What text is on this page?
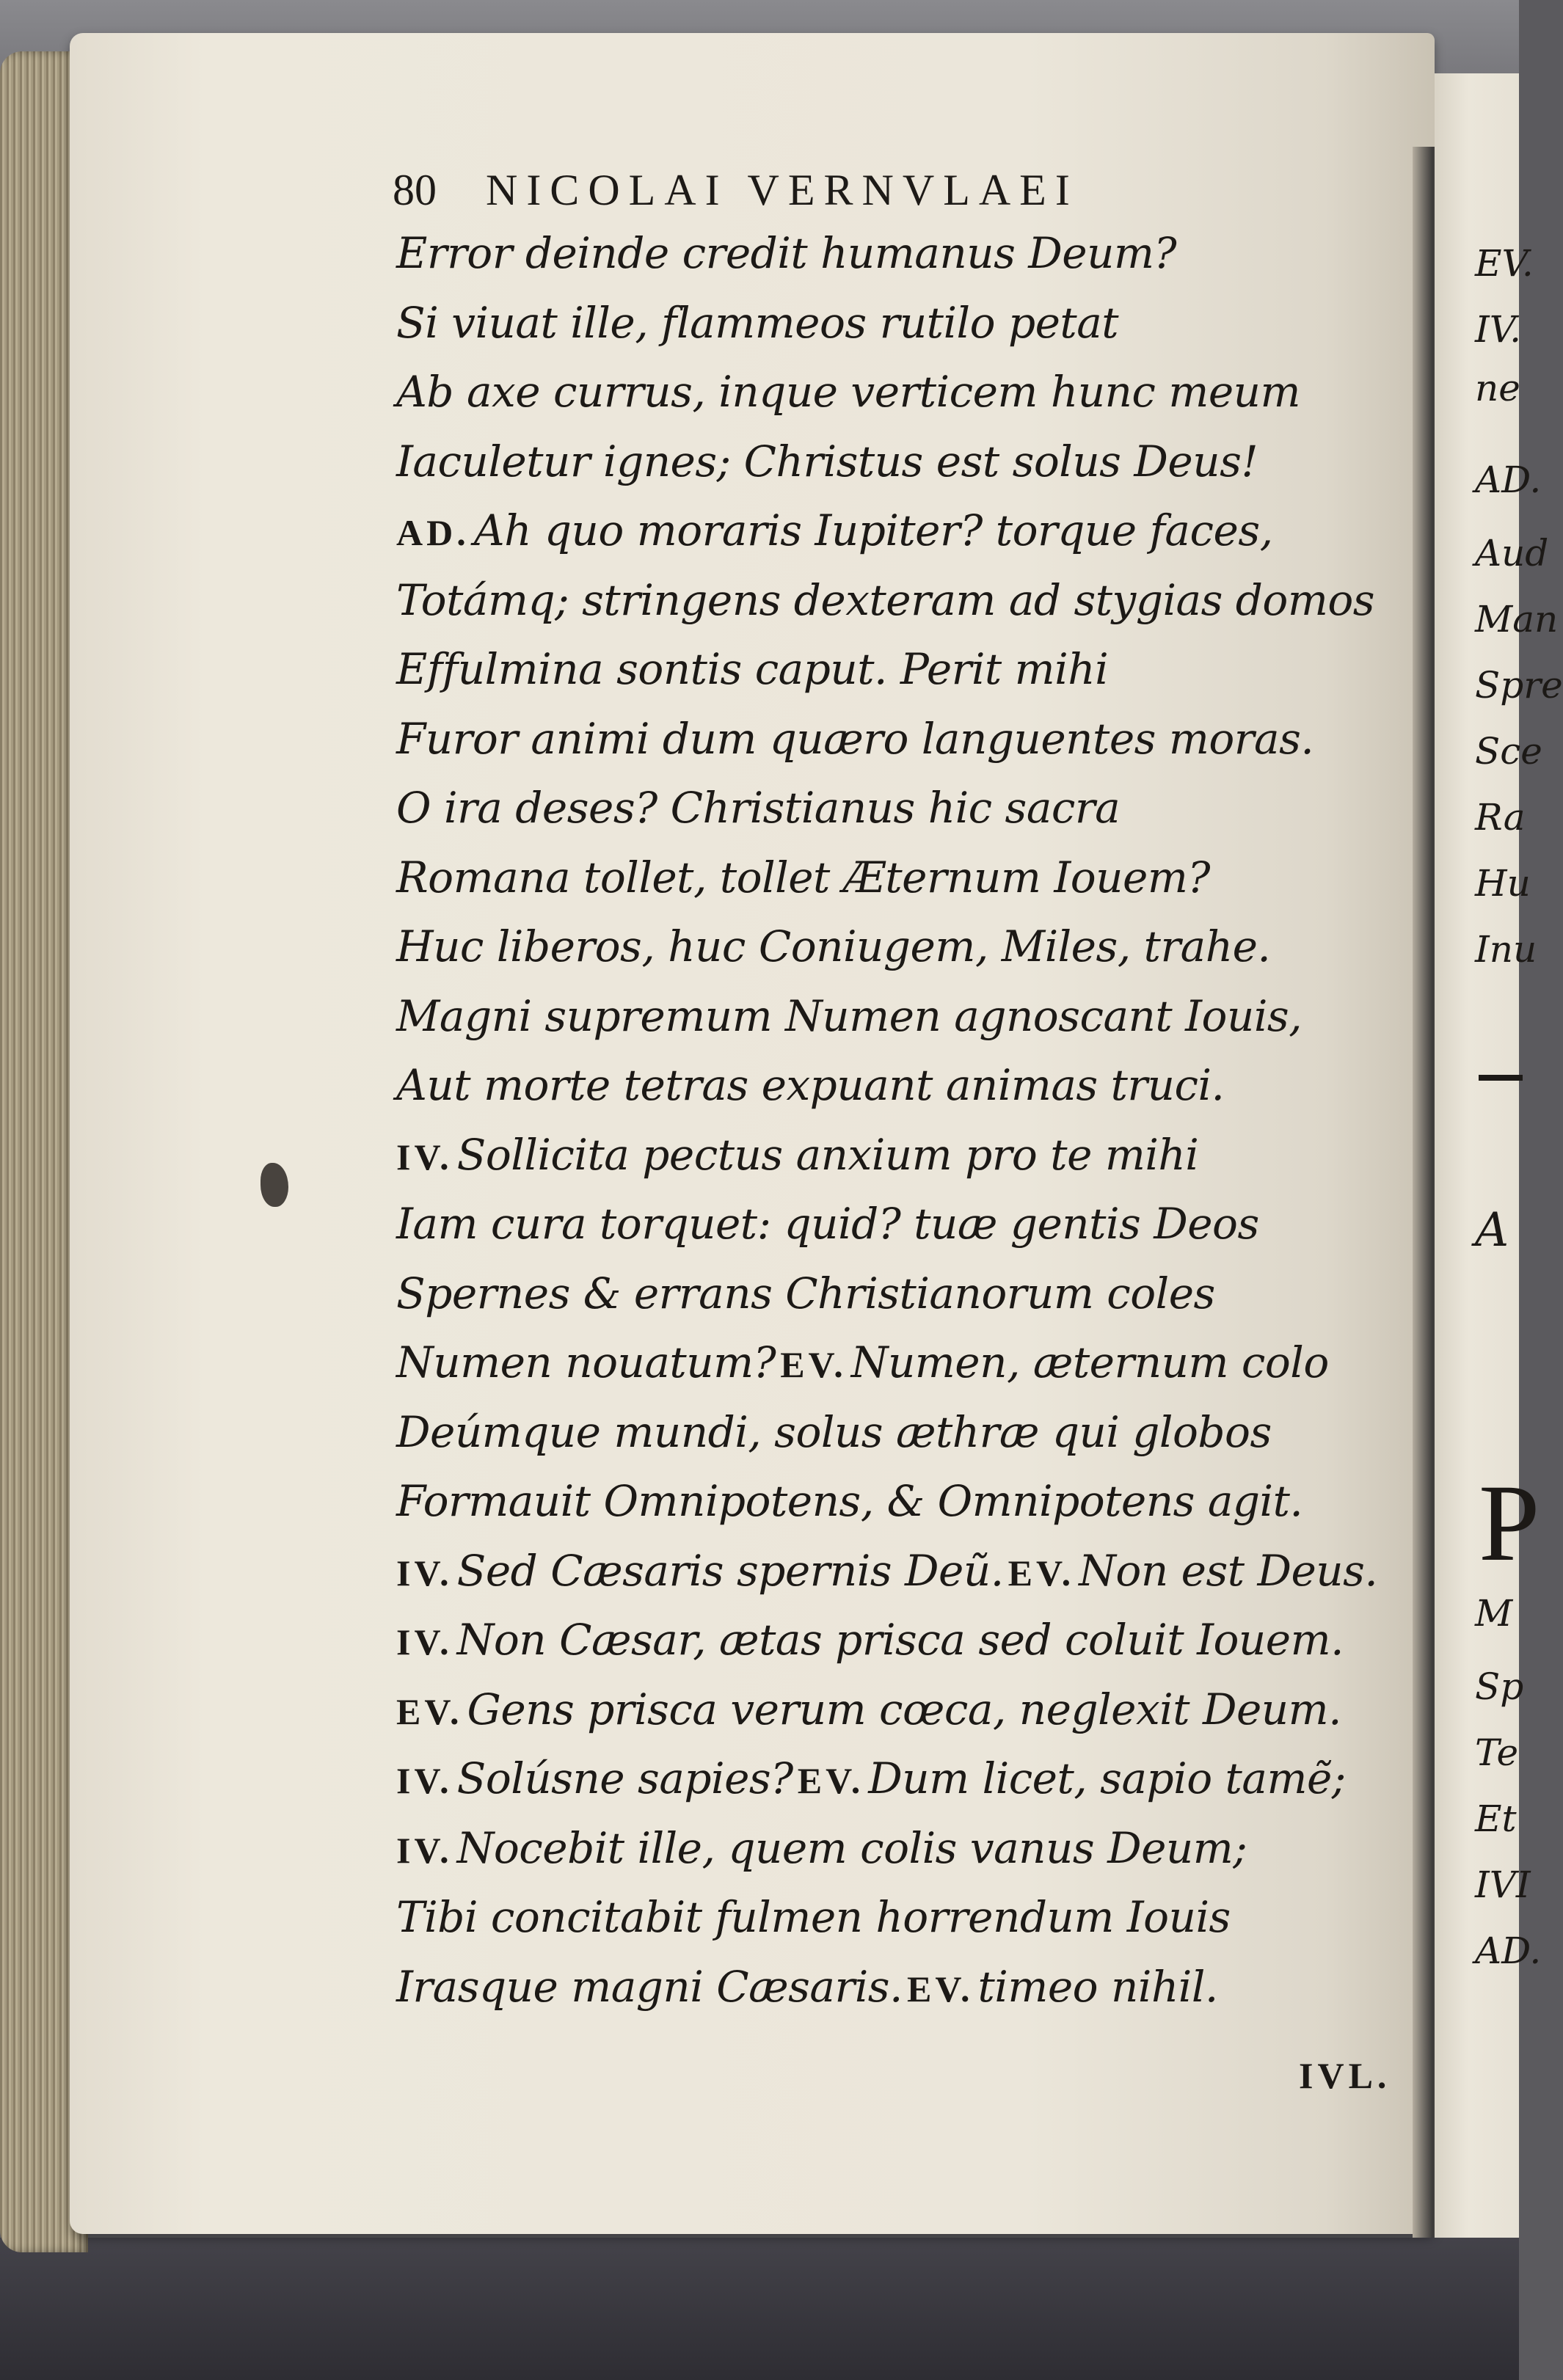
80 NICOLAI VERNVLAEI
Error deinde credit humanus Deum?
Si viuat ille, flammeos rutilo petat
Ab axe currus, inque verticem hunc meum
Iaculetur ignes; Christus est solus Deus!
AD. Ah quo moraris Iupiter? torque faces,
Totámq; stringens dexteram ad stygias domos
Effulmina sontis caput. Perit mihi
Furor animi dum quæro languentes moras.
O ira deses? Christianus hic sacra
Romana tollet, tollet Æternum Iouem?
Huc liberos, huc Coniugem, Miles, trahe.
Magni supremum Numen agnoscant Iouis,
Aut morte tetras expuant animas truci.
IV. Sollicita pectus anxium pro te mihi
Iam cura torquet: quid? tuæ gentis Deos
Spernes & errans Christianorum coles
Numen nouatum? EV. Numen, æternum colo
Deúmque mundi, solus æthræ qui globos
Formauit Omnipotens, & Omnipotens agit.
IV. Sed Cæsaris spernis Deũ. EV. Non est Deus.
IV. Non Cæsar, ætas prisca sed coluit Iouem.
EV. Gens prisca verum cœca, neglexit Deum.
IV. Solúsne sapies? EV. Dum licet, sapio tamẽ;
IV. Nocebit ille, quem colis vanus Deum;
Tibi concitabit fulmen horrendum Iouis
Irasque magni Cæsaris. EV. timeo nihil.
IVL.
EV.
IV.
ne
AD.
Aud
Man
Spre
Sce
Ra
Hu
Inu
A
P
M
Sp
Te
Et
IVI
AD.
